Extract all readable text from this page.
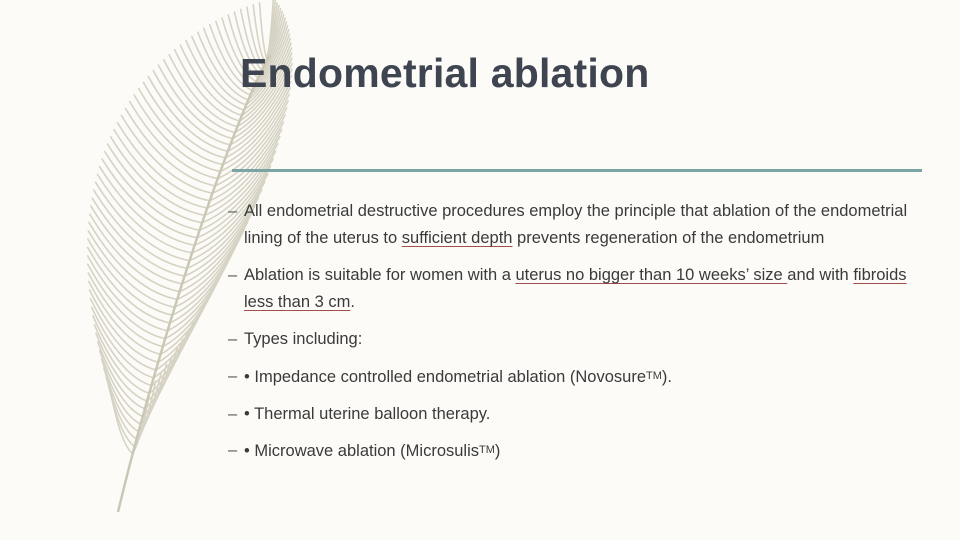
Endometrial ablation
– All endometrial destructive procedures employ the principle that ablation of the endometrial lining of the uterus to sufficient depth prevents regeneration of the endometrium
– Ablation is suitable for women with a uterus no bigger than 10 weeks’ size and with fibroids less than 3 cm.
– Types including:
– • Impedance controlled endometrial ablation (NovosureTM).
– • Thermal uterine balloon therapy.
– • Microwave ablation (MicrosulisTM)
